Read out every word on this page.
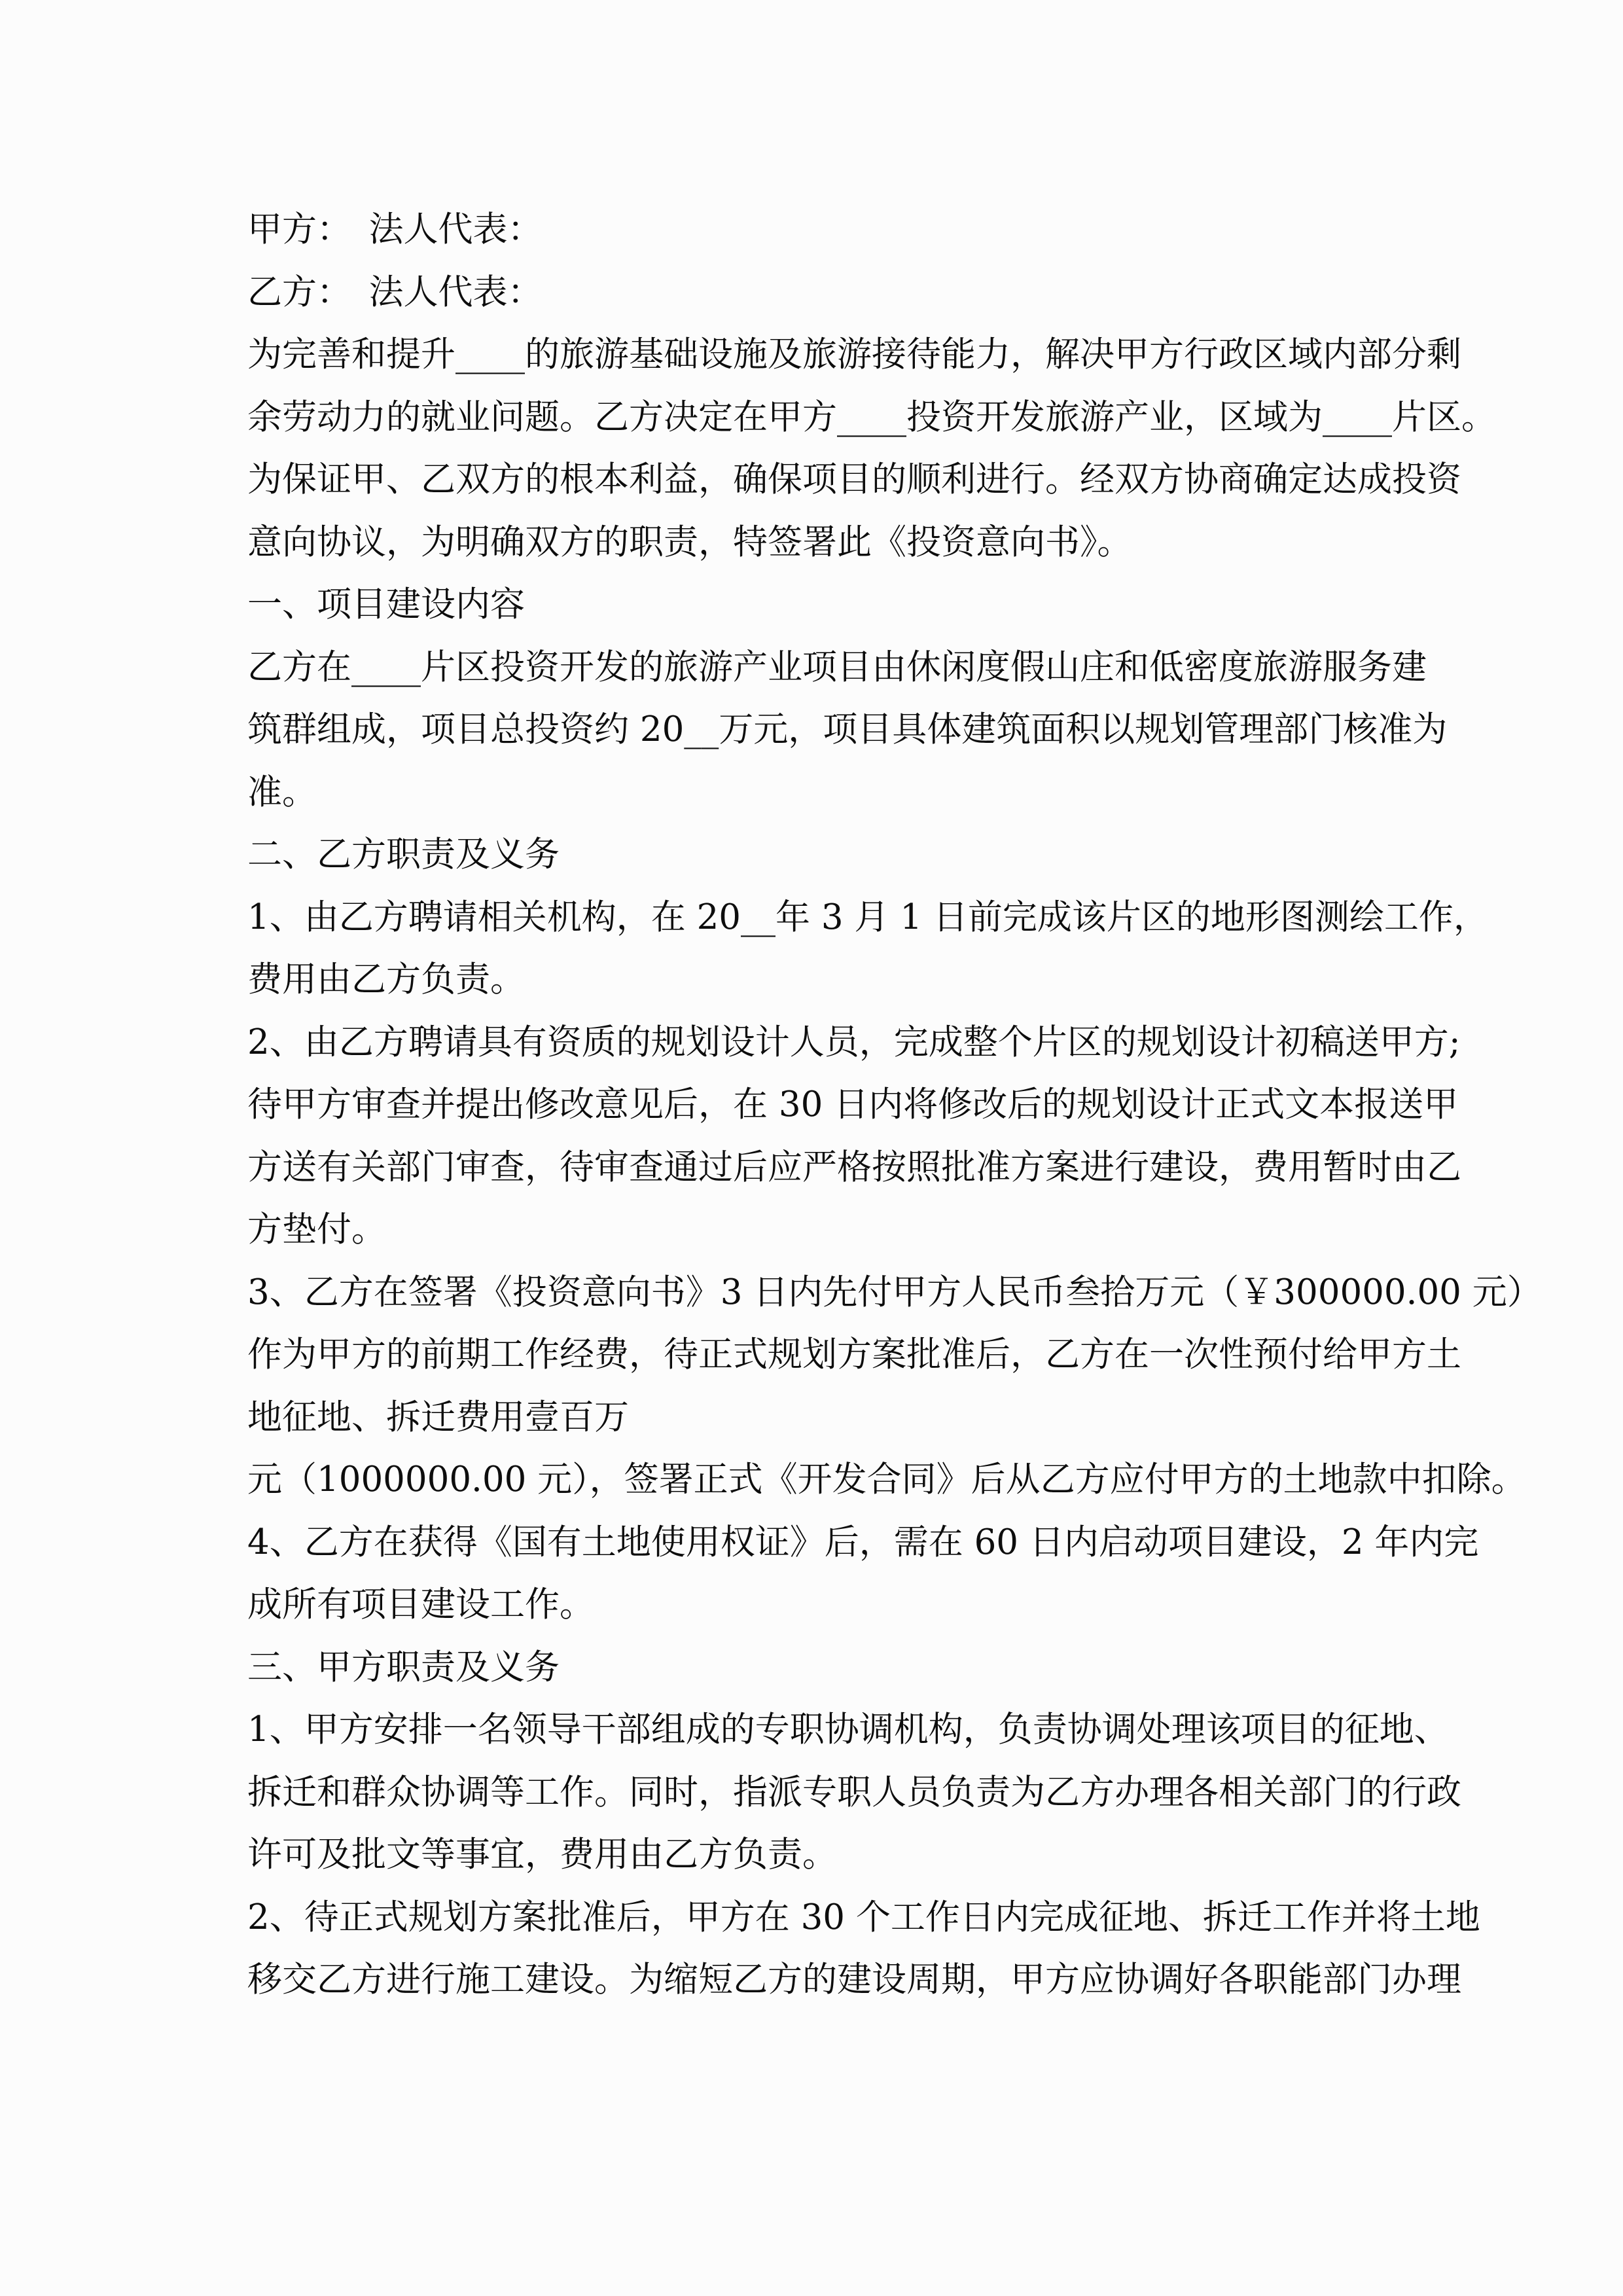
甲方：　法人代表：
乙方：　法人代表：
为完善和提升____的旅游基础设施及旅游接待能力，解决甲方行政区域内部分剩
余劳动力的就业问题。乙方决定在甲方____投资开发旅游产业，区域为____片区。
为保证甲、乙双方的根本利益，确保项目的顺利进行。经双方协商确定达成投资
意向协议，为明确双方的职责，特签署此《投资意向书》。
一、项目建设内容
乙方在____片区投资开发的旅游产业项目由休闲度假山庄和低密度旅游服务建
筑群组成，项目总投资约 20__万元，项目具体建筑面积以规划管理部门核准为
准。
二、乙方职责及义务
1、由乙方聘请相关机构，在 20__年 3 月 1 日前完成该片区的地形图测绘工作，
费用由乙方负责。
2、由乙方聘请具有资质的规划设计人员，完成整个片区的规划设计初稿送甲方;
待甲方审查并提出修改意见后，在 30 日内将修改后的规划设计正式文本报送甲
方送有关部门审查，待审查通过后应严格按照批准方案进行建设，费用暂时由乙
方垫付。
3、乙方在签署《投资意向书》3 日内先付甲方人民币叁拾万元（￥300000.00 元）
作为甲方的前期工作经费，待正式规划方案批准后，乙方在一次性预付给甲方土
地征地、拆迁费用壹百万
元（1000000.00 元），签署正式《开发合同》后从乙方应付甲方的土地款中扣除。
4、乙方在获得《国有土地使用权证》后，需在 60 日内启动项目建设，2 年内完
成所有项目建设工作。
三、甲方职责及义务
1、甲方安排一名领导干部组成的专职协调机构，负责协调处理该项目的征地、
拆迁和群众协调等工作。同时，指派专职人员负责为乙方办理各相关部门的行政
许可及批文等事宜，费用由乙方负责。
2、待正式规划方案批准后，甲方在 30 个工作日内完成征地、拆迁工作并将土地
移交乙方进行施工建设。为缩短乙方的建设周期，甲方应协调好各职能部门办理
